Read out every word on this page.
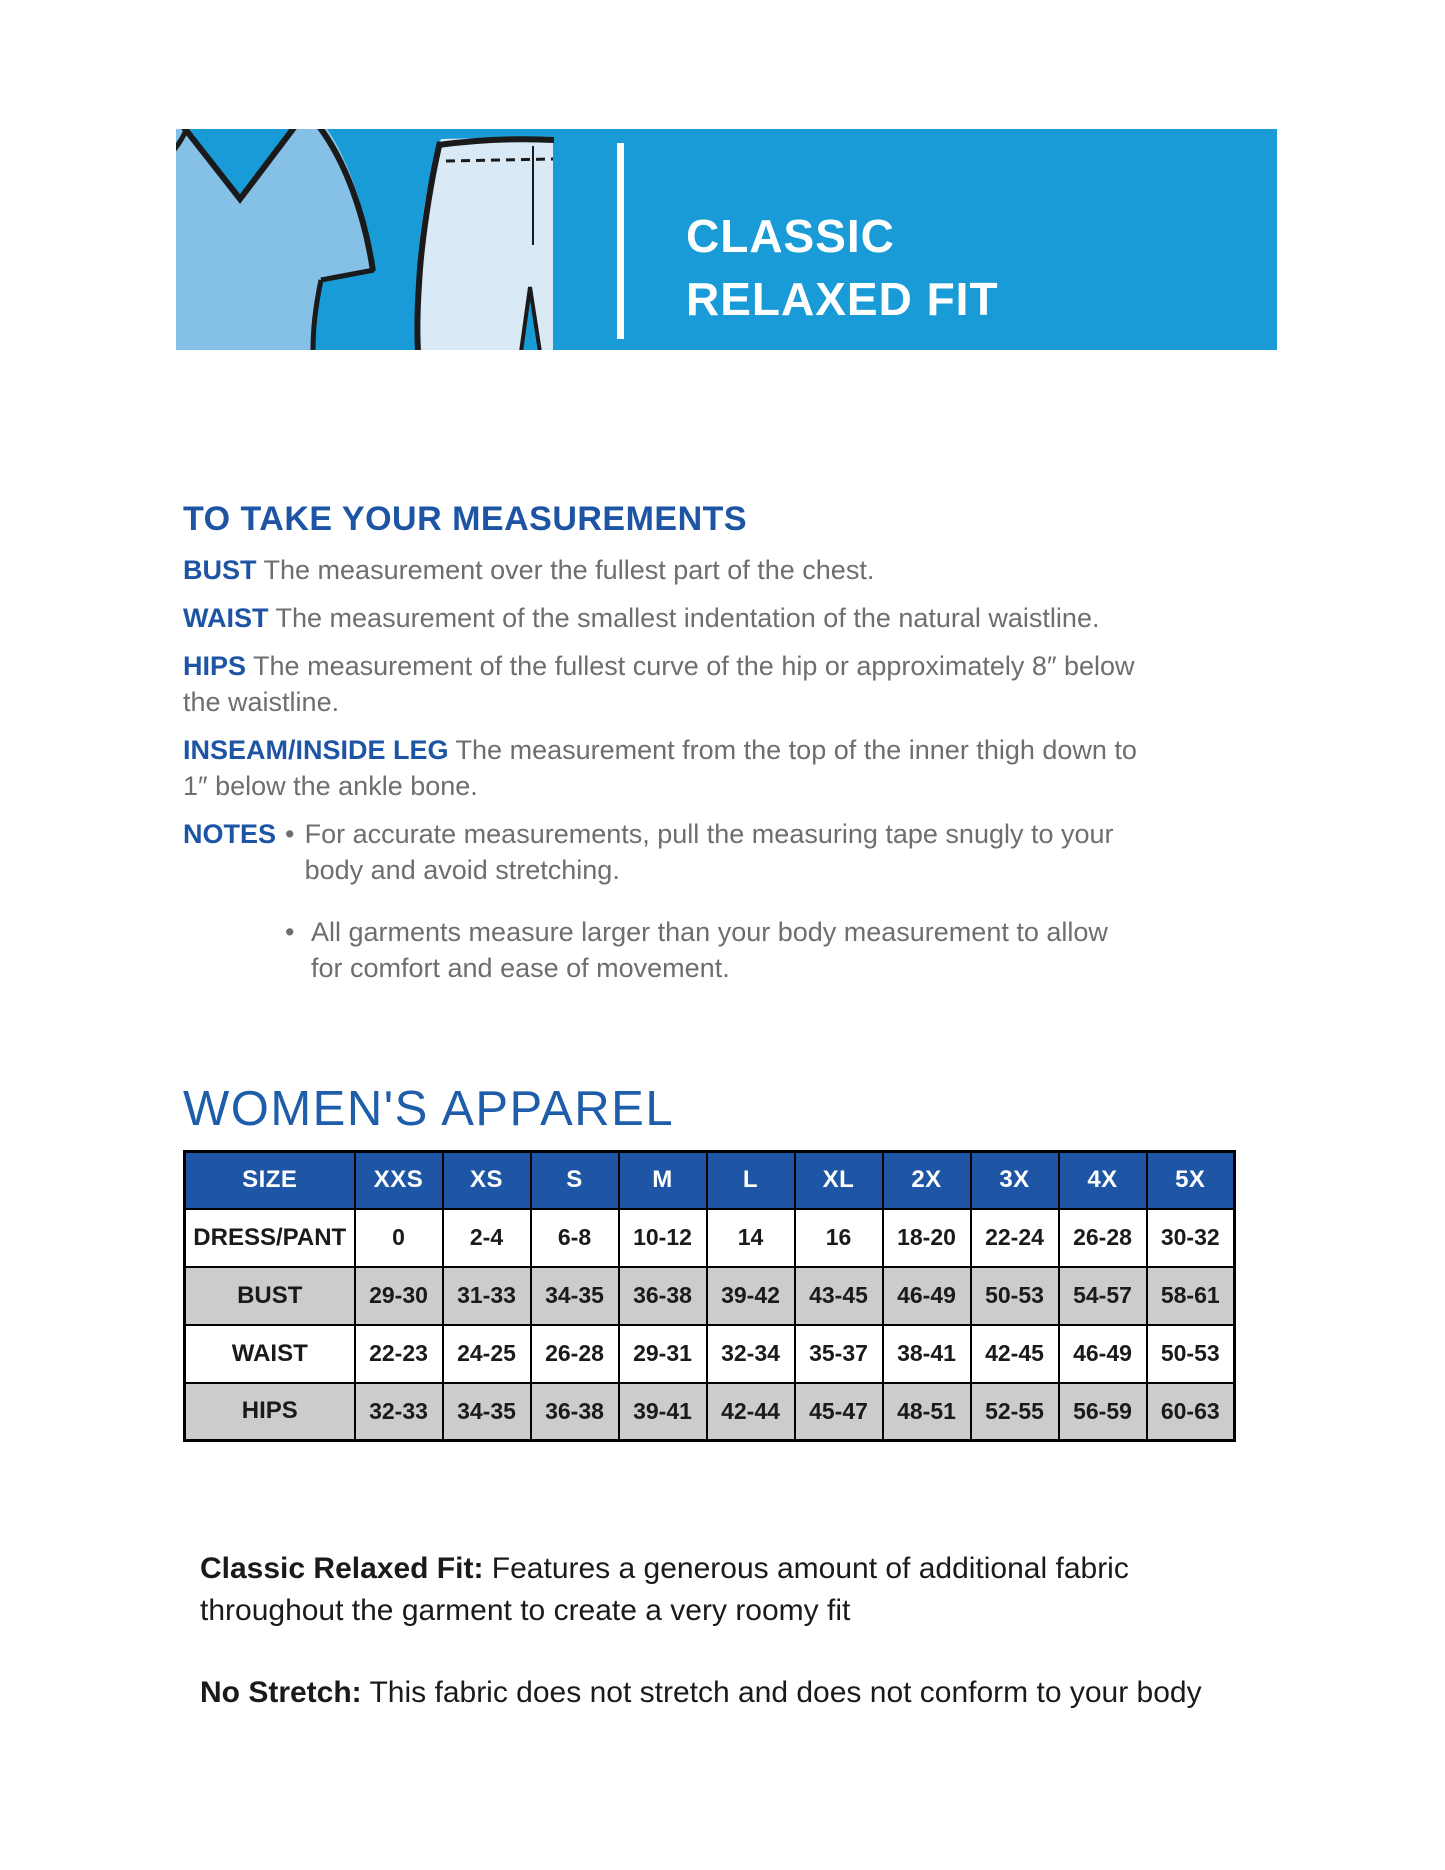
CLASSIC
RELAXED FIT
TO TAKE YOUR MEASUREMENTS
BUST The measurement over the fullest part of the chest.
WAIST The measurement of the smallest indentation of the natural waistline.
HIPS The measurement of the fullest curve of the hip or approximately 8″ below the waistline.
INSEAM/INSIDE LEG The measurement from the top of the inner thigh down to 1″ below the ankle bone.
NOTES •	For accurate measurements, pull the measuring tape snugly to your body and avoid stretching.
•
All garments measure larger than your body measurement to allow for comfort and ease of movement.
WOMEN'S APPAREL
SIZE	XXS	XS	S	M	L	XL	2X	3X	4X	5X
DRESS/PANT	0	2-4	6-8	10-12	14	16	18-20	22-24	26-28	30-32
BUST	29-30	31-33	34-35	36-38	39-42	43-45	46-49	50-53	54-57	58-61
WAIST	22-23	24-25	26-28	29-31	32-34	35-37	38-41	42-45	46-49	50-53
HIPS	32-33	34-35	36-38	39-41	42-44	45-47	48-51	52-55	56-59	60-63

Classic Relaxed Fit: Features a generous amount of additional fabric throughout the garment to create a very roomy fit

No Stretch: This fabric does not stretch and does not conform to your body
